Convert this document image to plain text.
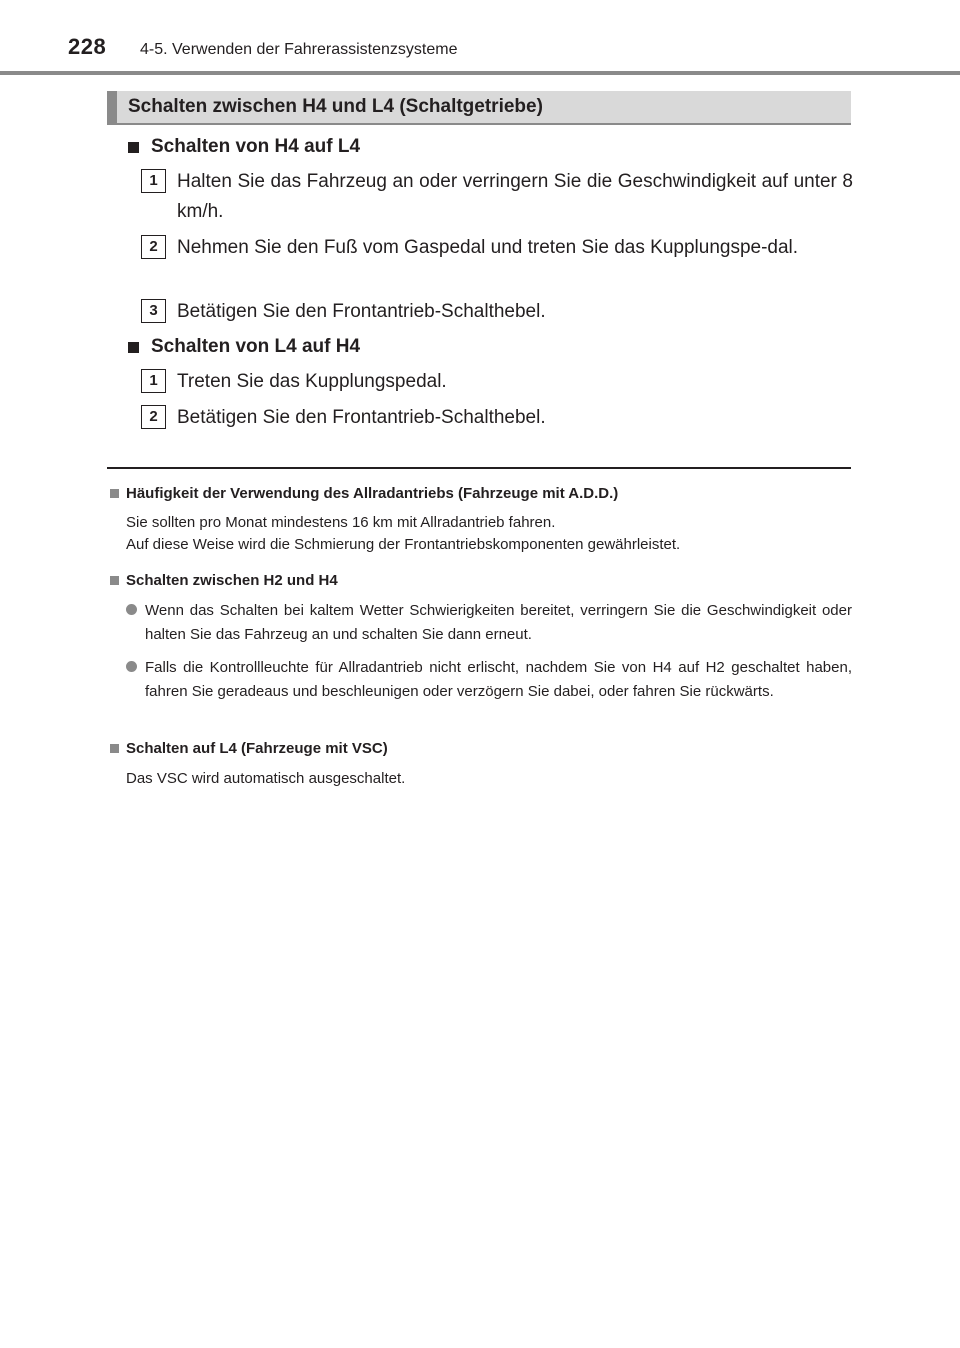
228 4-5. Verwenden der Fahrerassistenzsysteme
Schalten zwischen H4 und L4 (Schaltgetriebe)
Schalten von H4 auf L4
1	Halten Sie das Fahrzeug an oder verringern Sie die Geschwindigkeit auf unter 8 km/h.
2	Nehmen Sie den Fuß vom Gaspedal und treten Sie das Kupplungspe-dal.
3	Betätigen Sie den Frontantrieb-Schalthebel.
Schalten von L4 auf H4
1	Treten Sie das Kupplungspedal.
2	Betätigen Sie den Frontantrieb-Schalthebel.
Häufigkeit der Verwendung des Allradantriebs (Fahrzeuge mit A.D.D.)
Sie sollten pro Monat mindestens 16 km mit Allradantrieb fahren.
Auf diese Weise wird die Schmierung der Frontantriebskomponenten gewährleistet.
Schalten zwischen H2 und H4
Wenn das Schalten bei kaltem Wetter Schwierigkeiten bereitet, verringern Sie die Geschwindigkeit oder halten Sie das Fahrzeug an und schalten Sie dann erneut.
Falls die Kontrollleuchte für Allradantrieb nicht erlischt, nachdem Sie von H4 auf H2 geschaltet haben, fahren Sie geradeaus und beschleunigen oder verzögern Sie dabei, oder fahren Sie rückwärts.
Schalten auf L4 (Fahrzeuge mit VSC)
Das VSC wird automatisch ausgeschaltet.
